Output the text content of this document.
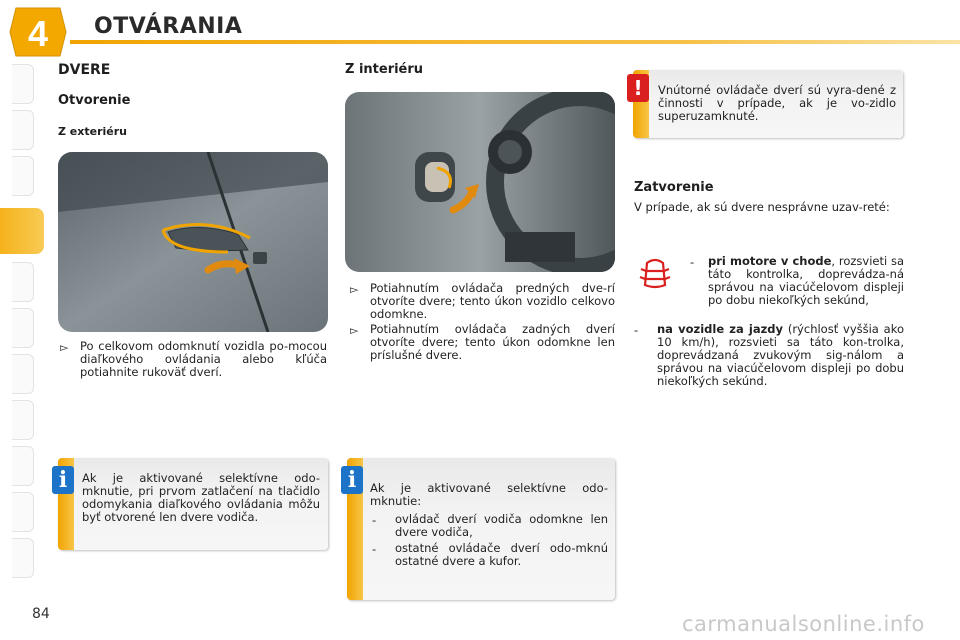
4 OTVÁRANIA
DVERE
Otvorenie
Z exteriéru
▻ Po celkovom odomknutí vozidla po-mocou diaľkového ovládania alebo kľúča potiahnite rukoväť dverí.
Z interiéru
▻ Potiahnutím ovládača predných dve-rí otvoríte dvere; tento úkon vozidlo celkovo odomkne.
▻ Potiahnutím ovládača zadných dverí otvoríte dvere; tento úkon odomkne len príslušné dvere.
!	Vnútorné ovládače dverí sú vyra-dené z činnosti v prípade, ak je vo-zidlo superuzamknuté.
Zatvorenie
V prípade, ak sú dvere nesprávne uzav-reté:
- pri motore v chode, rozsvieti sa táto kontrolka, doprevádza-ná správou na viacúčelovom displeji po dobu niekoľkých sekúnd,
- na vozidle za jazdy (rýchlosť vyššia ako 10 km/h), rozsvieti sa táto kon-trolka, doprevádzaná zvukovým sig-nálom a správou na viacúčelovom displeji po dobu niekoľkých sekúnd.
i	Ak je aktivované selektívne odo-mknutie, pri prvom zatlačení na tlačidlo odomykania diaľkového ovládania môžu byť otvorené len dvere vodiča.
i	Ak je aktivované selektívne odo-mknutie:
- ovládač dverí vodiča odomkne len dvere vodiča,
- ostatné ovládače dverí odo-mknú ostatné dvere a kufor.
84	carmanualsonline.info
